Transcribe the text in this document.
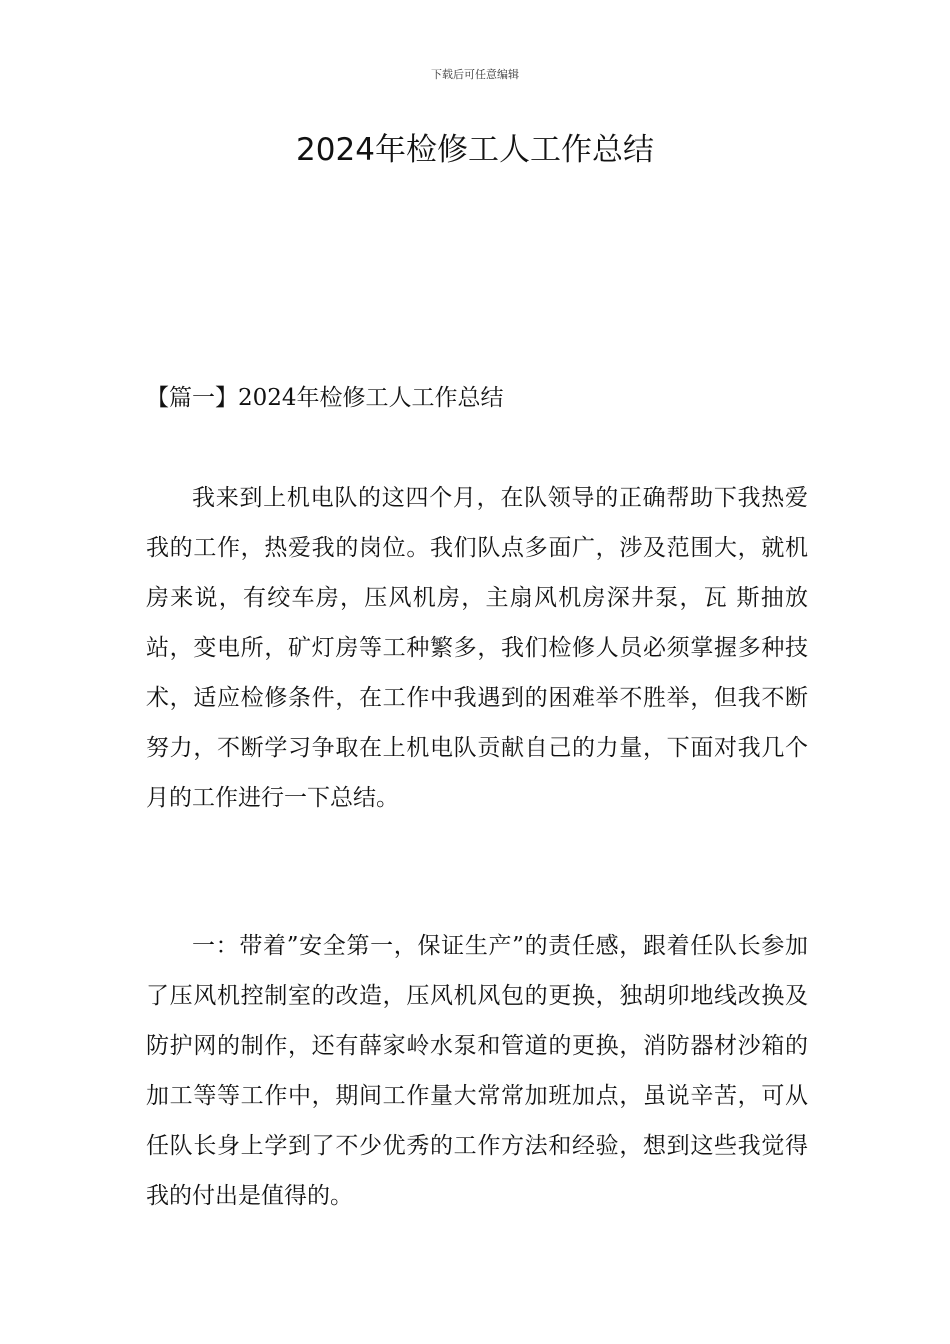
下载后可任意编辑
2024年检修工人工作总结
【篇一】2024年检修工人工作总结

我来到上机电队的这四个月，在队领导的正确帮助下我热爱我的工作，热爱我的岗位。我们队点多面广，涉及范围大，就机房来说，有绞车房，压风机房，主扇风机房深井泵，瓦 斯抽放站，变电所，矿灯房等工种繁多，我们检修人员必须掌握多种技术，适应检修条件，在工作中我遇到的困难举不胜举，但我不断努力，不断学习争取在上机电队贡献自己的力量，下面对我几个月的工作进行一下总结。

一：带着”安全第一，保证生产”的责任感，跟着任队长参加了压风机控制室的改造，压风机风包的更换，独胡卯地线改换及防护网的制作，还有薛家岭水泵和管道的更换，消防器材沙箱的加工等等工作中，期间工作量大常常加班加点，虽说辛苦，可从任队长身上学到了不少优秀的工作方法和经验，想到这些我觉得我的付出是值得的。
